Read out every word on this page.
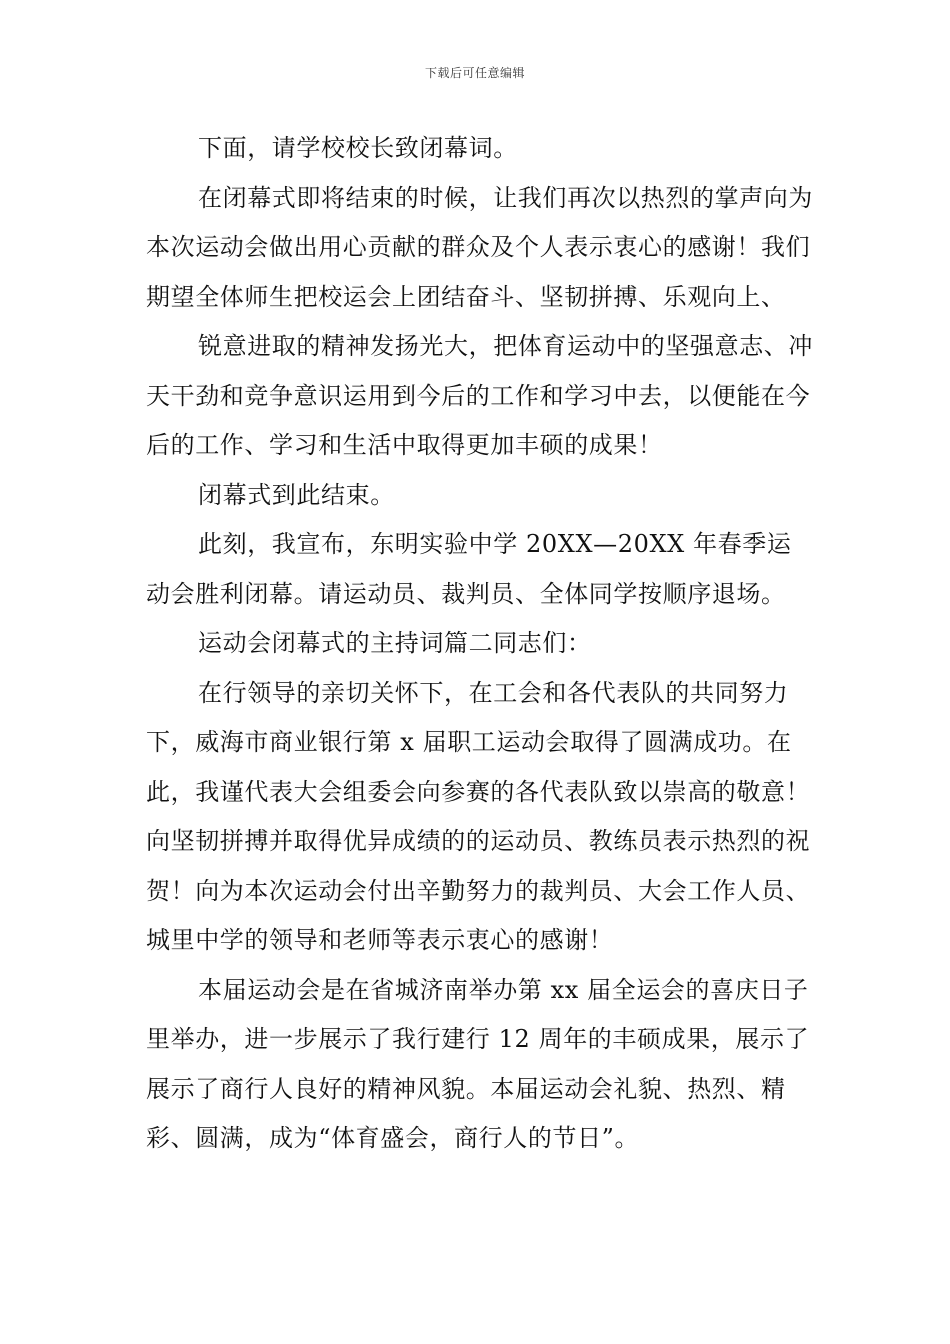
下载后可任意编辑

下面，请学校校长致闭幕词。

在闭幕式即将结束的时候，让我们再次以热烈的掌声向为本次运动会做出用心贡献的群众及个人表示衷心的感谢！我们期望全体师生把校运会上团结奋斗、坚韧拼搏、乐观向上、

锐意进取的精神发扬光大，把体育运动中的坚强意志、冲天干劲和竞争意识运用到今后的工作和学习中去，以便能在今后的工作、学习和生活中取得更加丰硕的成果！

闭幕式到此结束。

此刻，我宣布，东明实验中学 20XX—20XX 年春季运动会胜利闭幕。请运动员、裁判员、全体同学按顺序退场。

运动会闭幕式的主持词篇二同志们：

在行领导的亲切关怀下，在工会和各代表队的共同努力下，威海市商业银行第 x 届职工运动会取得了圆满成功。在此，我谨代表大会组委会向参赛的各代表队致以崇高的敬意！向坚韧拼搏并取得优异成绩的的运动员、教练员表示热烈的祝贺！向为本次运动会付出辛勤努力的裁判员、大会工作人员、城里中学的领导和老师等表示衷心的感谢！

本届运动会是在省城济南举办第 xx 届全运会的喜庆日子里举办，进一步展示了我行建行 12 周年的丰硕成果，展示了展示了商行人良好的精神风貌。本届运动会礼貌、热烈、精彩、圆满，成为“体育盛会，商行人的节日”。
